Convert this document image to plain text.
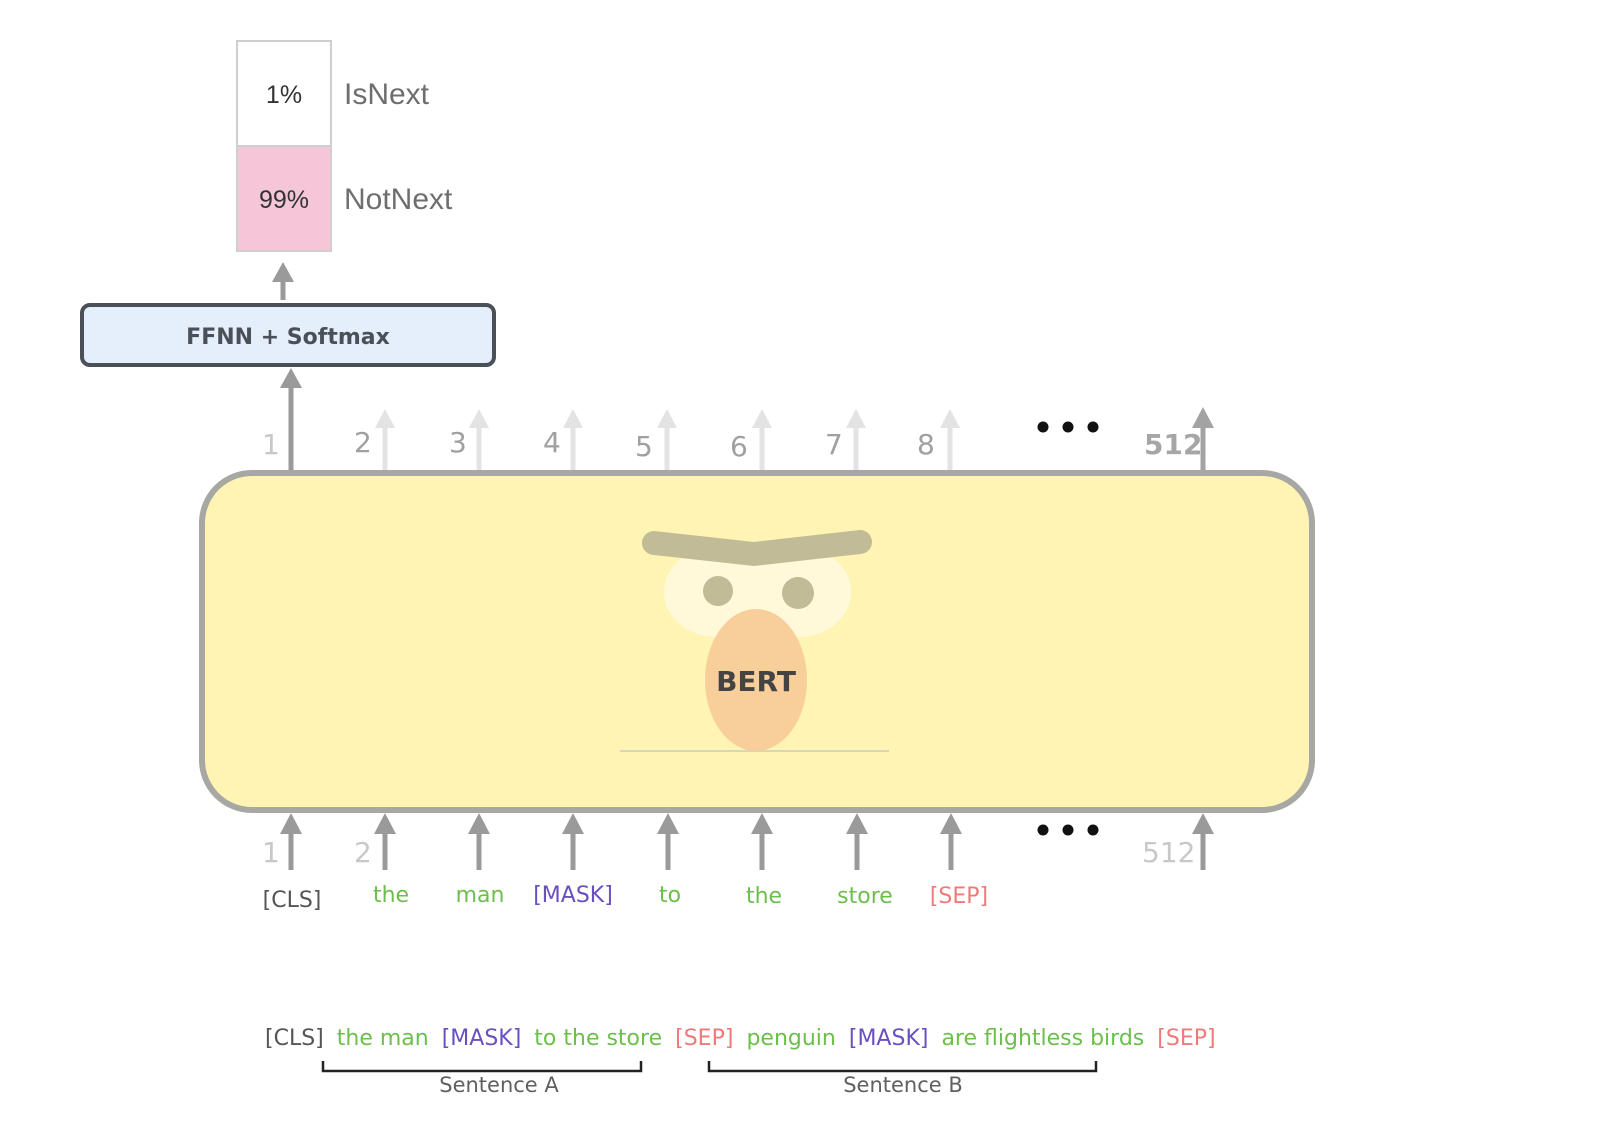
1%
99%
IsNext
NotNext
FFNN + Softmax
1	2	3	4	5	6	7	8	512
BERT
1	2	512
[CLS] the man [MASK] to	the	store [SEP]
[CLS] the man [MASK] to the store [SEP] penguin [MASK] are flightless birds [SEP]
Sentence A	Sentence B
